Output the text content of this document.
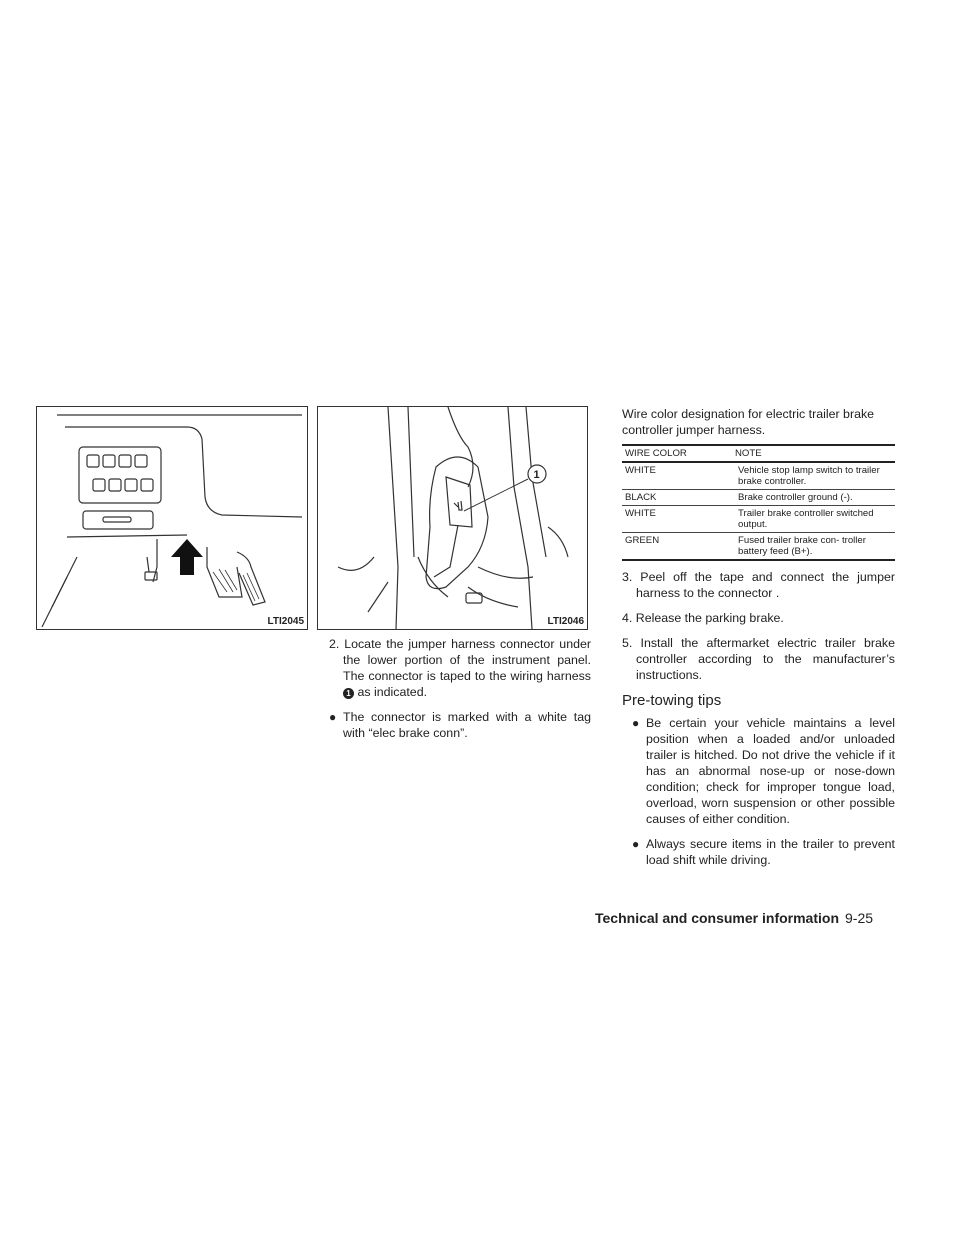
LTI2045
1
LTI2046

2. Locate the jumper harness connector under the lower portion of the instrument panel. The connector is taped to the wiring harness 1 as indicated.

● The connector is marked with a white tag with “elec brake conn”.

Wire color designation for electric trailer brake controller jumper harness.

WIRE COLOR	NOTE
WHITE	Vehicle stop lamp switch to trailer brake controller.
BLACK	Brake controller ground (-).
WHITE	Trailer brake controller switched output.
GREEN	Fused trailer brake con- troller battery feed (B+).

3. Peel off the tape and connect the jumper harness to the connector .

4. Release the parking brake.

5. Install the aftermarket electric trailer brake controller according to the manufacturer’s instructions.

Pre-towing tips
● Be certain your vehicle maintains a level position when a loaded and/or unloaded trailer is hitched. Do not drive the vehicle if it has an abnormal nose-up or nose-down condition; check for improper tongue load, overload, worn suspension or other possible causes of either condition.
● Always secure items in the trailer to prevent load shift while driving.
Technical and consumer information 9-25
